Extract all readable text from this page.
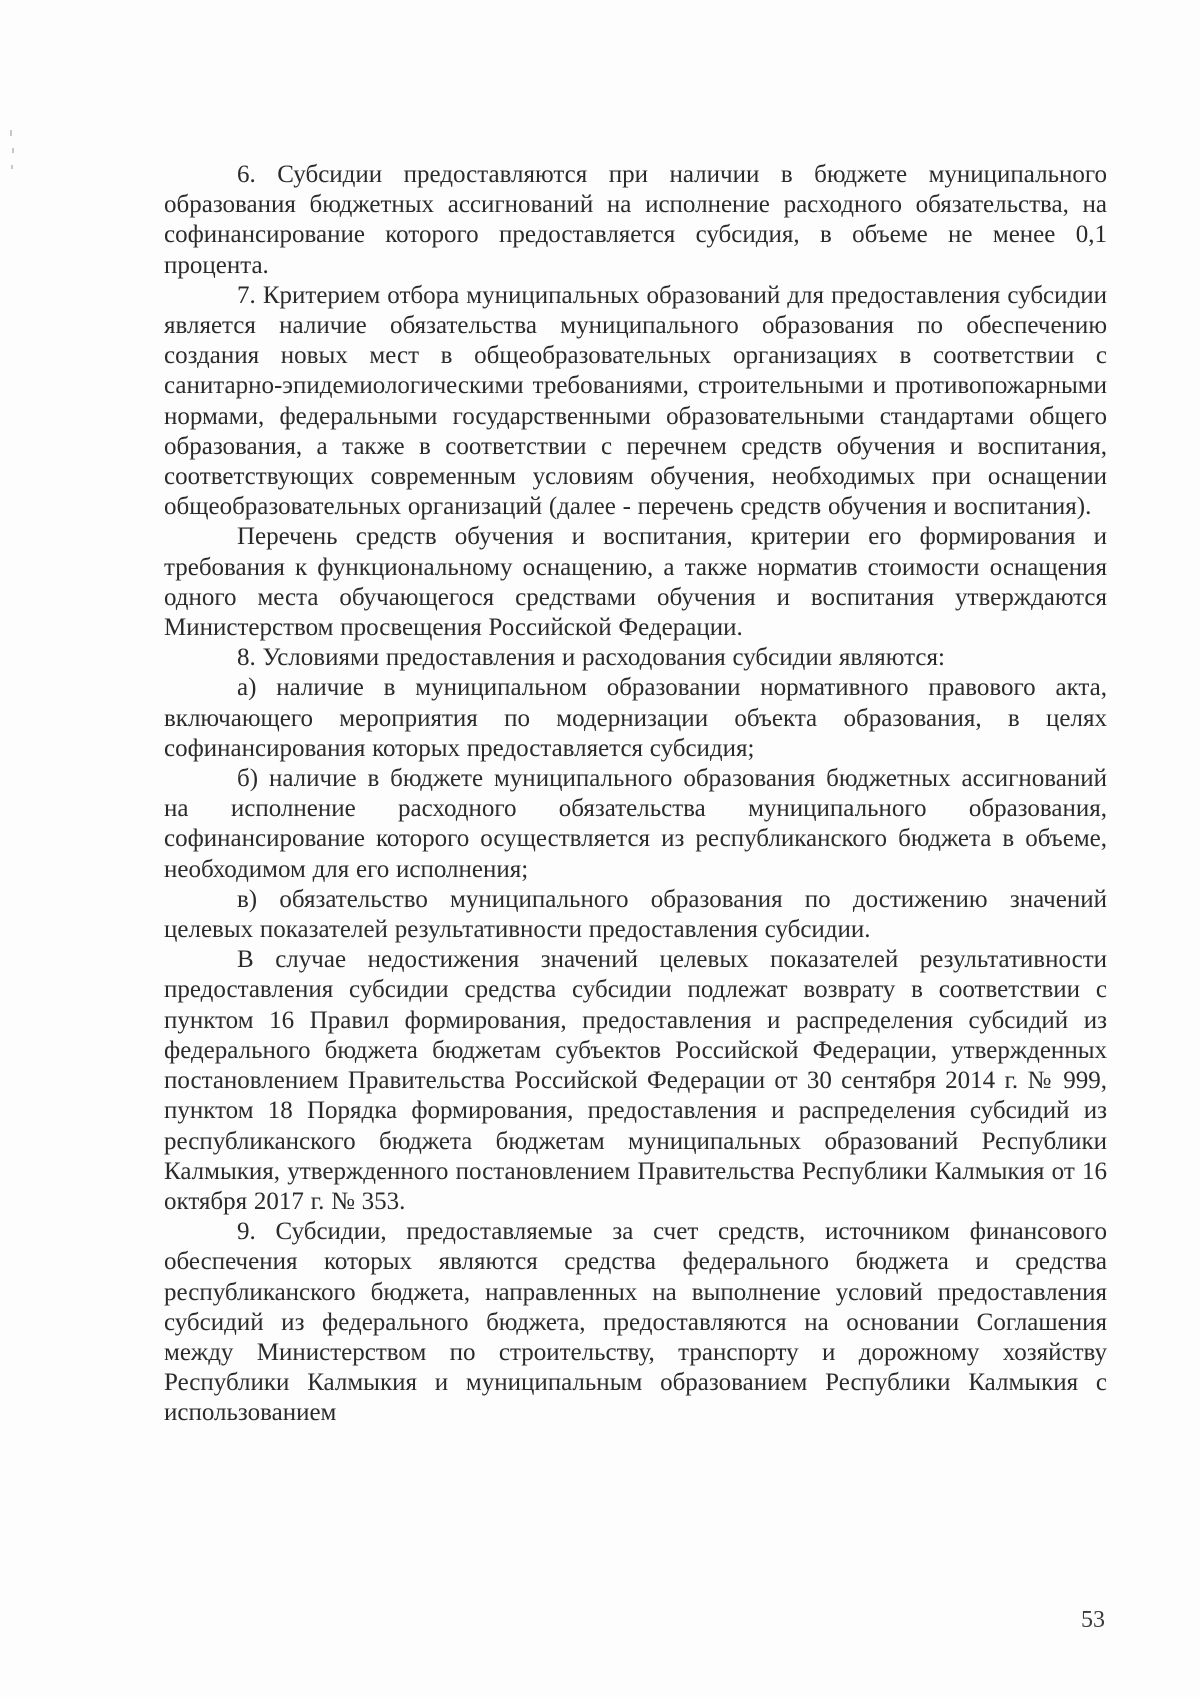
6. Субсидии предоставляются при наличии в бюджете муниципального образования бюджетных ассигнований на исполнение расходного обязательства, на софинансирование которого предоставляется субсидия, в объеме не менее 0,1 процента.

7. Критерием отбора муниципальных образований для предоставления субсидии является наличие обязательства муниципального образования по обеспечению создания новых мест в общеобразовательных организациях в соответствии с санитарно-эпидемиологическими требованиями, строительными и противопожарными нормами, федеральными государственными образовательными стандартами общего образования, а также в соответствии с перечнем средств обучения и воспитания, соответствующих современным условиям обучения, необходимых при оснащении общеобразовательных организаций (далее - перечень средств обучения и воспитания).

Перечень средств обучения и воспитания, критерии его формирования и требования к функциональному оснащению, а также норматив стоимости оснащения одного места обучающегося средствами обучения и воспитания утверждаются Министерством просвещения Российской Федерации.

8. Условиями предоставления и расходования субсидии являются:

а) наличие в муниципальном образовании нормативного правового акта, включающего мероприятия по модернизации объекта образования, в целях софинансирования которых предоставляется субсидия;

б) наличие в бюджете муниципального образования бюджетных ассигнований на исполнение расходного обязательства муниципального образования, софинансирование которого осуществляется из республиканского бюджета в объеме, необходимом для его исполнения;

в) обязательство муниципального образования по достижению значений целевых показателей результативности предоставления субсидии.

В случае недостижения значений целевых показателей результативности предоставления субсидии средства субсидии подлежат возврату в соответствии с пунктом 16 Правил формирования, предоставления и распределения субсидий из федерального бюджета бюджетам субъектов Российской Федерации, утвержденных постановлением Правительства Российской Федерации от 30 сентября 2014 г. № 999, пунктом 18 Порядка формирования, предоставления и распределения субсидий из республиканского бюджета бюджетам муниципальных образований Республики Калмыкия, утвержденного постановлением Правительства Республики Калмыкия от 16 октября 2017 г. № 353.

9. Субсидии, предоставляемые за счет средств, источником финансового обеспечения которых являются средства федерального бюджета и средства республиканского бюджета, направленных на выполнение условий предоставления субсидий из федерального бюджета, предоставляются на основании Соглашения между Министерством по строительству, транспорту и дорожному хозяйству Республики Калмыкия и муниципальным образованием Республики Калмыкия с использованием

53
